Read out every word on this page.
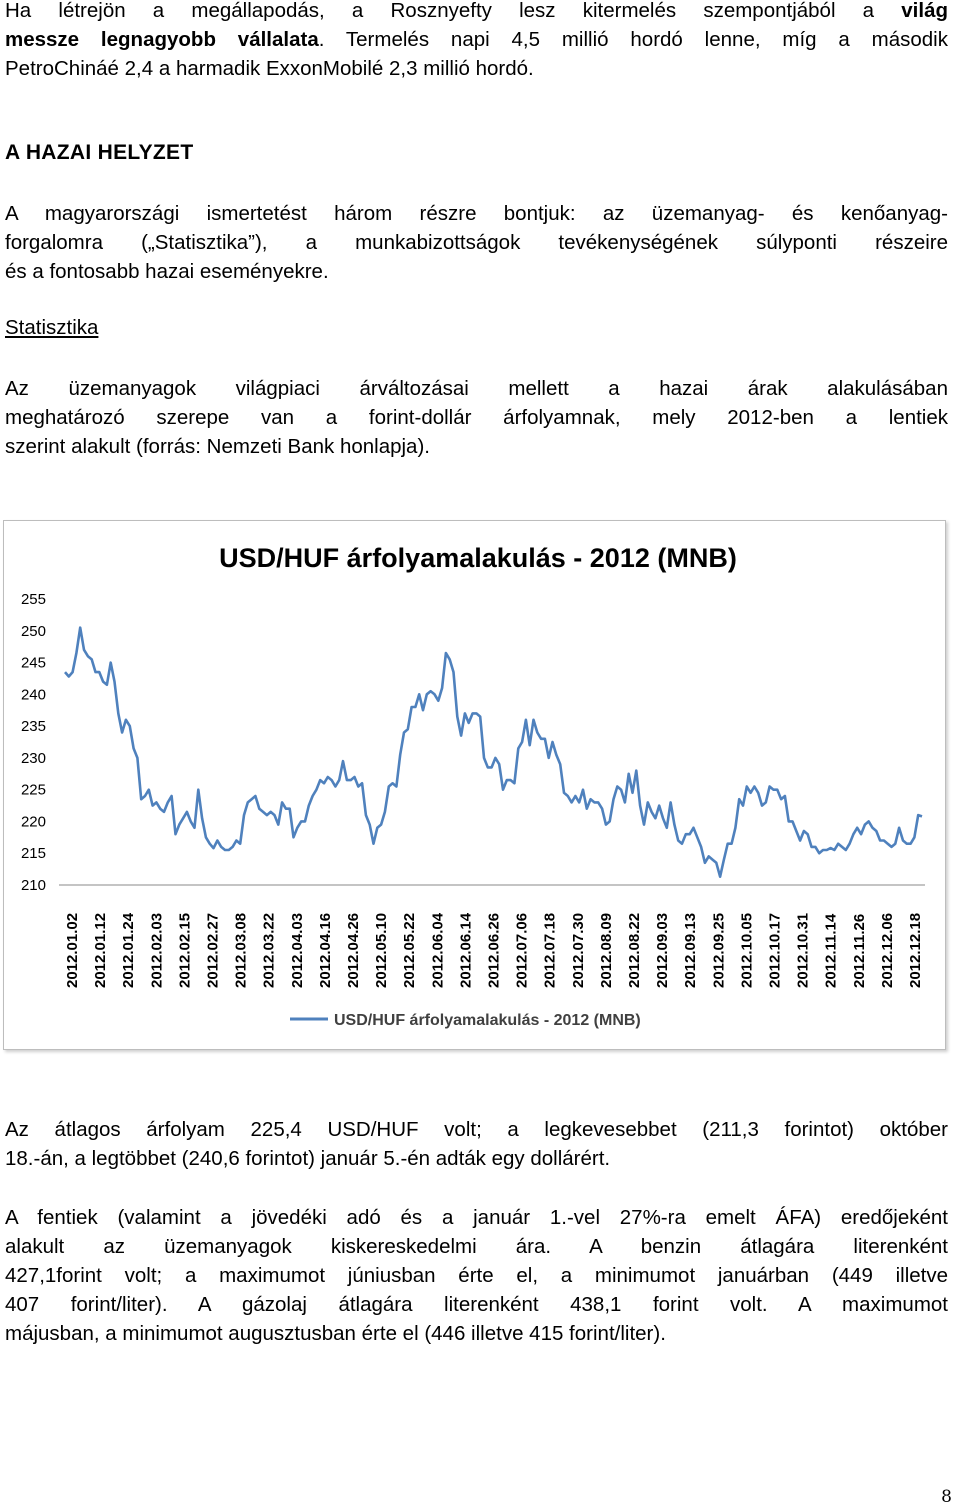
Ha létrejön a megállapodás, a Rosznyefty lesz kitermelés szempontjából a világ
messze legnagyobb vállalata. Termelés napi 4,5 millió hordó lenne, míg a második
PetroChináé 2,4 a harmadik ExxonMobilé 2,3 millió hordó.

A HAZAI HELYZET

A magyarországi ismertetést három részre bontjuk: az üzemanyag- és kenőanyag-
forgalomra („Statisztika”), a munkabizottságok tevékenységének súlyponti részeire
és a fontosabb hazai eseményekre.

Statisztika

Az üzemanyagok világpiaci árváltozásai mellett a hazai árak alakulásában
meghatározó szerepe van a forint-dollár árfolyamnak, mely 2012-ben a lentiek
szerint alakult (forrás: Nemzeti Bank honlapja).
USD/HUF árfolyamalakulás - 2012 (MNB)
255
250
245
240
235
230
225
220
215
210
2012.01.02 2012.01.12 2012.01.24 2012.02.03 2012.02.15 2012.02.27 2012.03.08 2012.03.22 2012.04.03 2012.04.16 2012.04.26 2012.05.10 2012.05.22 2012.06.04 2012.06.14 2012.06.26 2012.07.06 2012.07.18 2012.07.30 2012.08.09 2012.08.22 2012.09.03 2012.09.13 2012.09.25 2012.10.05 2012.10.17 2012.10.31 2012.11.14 2012.11.26 2012.12.06 2012.12.18
USD/HUF árfolyamalakulás - 2012 (MNB)
Az átlagos árfolyam 225,4 USD/HUF volt; a legkevesebbet (211,3 forintot) október
18.-án, a legtöbbet (240,6 forintot) január 5.-én adták egy dollárért.
A fentiek (valamint a jövedéki adó és a január 1.-vel 27%-ra emelt ÁFA) eredőjeként
alakult az üzemanyagok kiskereskedelmi ára. A benzin átlagára literenként
427,1forint volt; a maximumot júniusban érte el, a minimumot januárban (449 illetve
407 forint/liter). A gázolaj átlagára literenként 438,1 forint volt. A maximumot
májusban, a minimumot augusztusban érte el (446 illetve 415 forint/liter).

8
